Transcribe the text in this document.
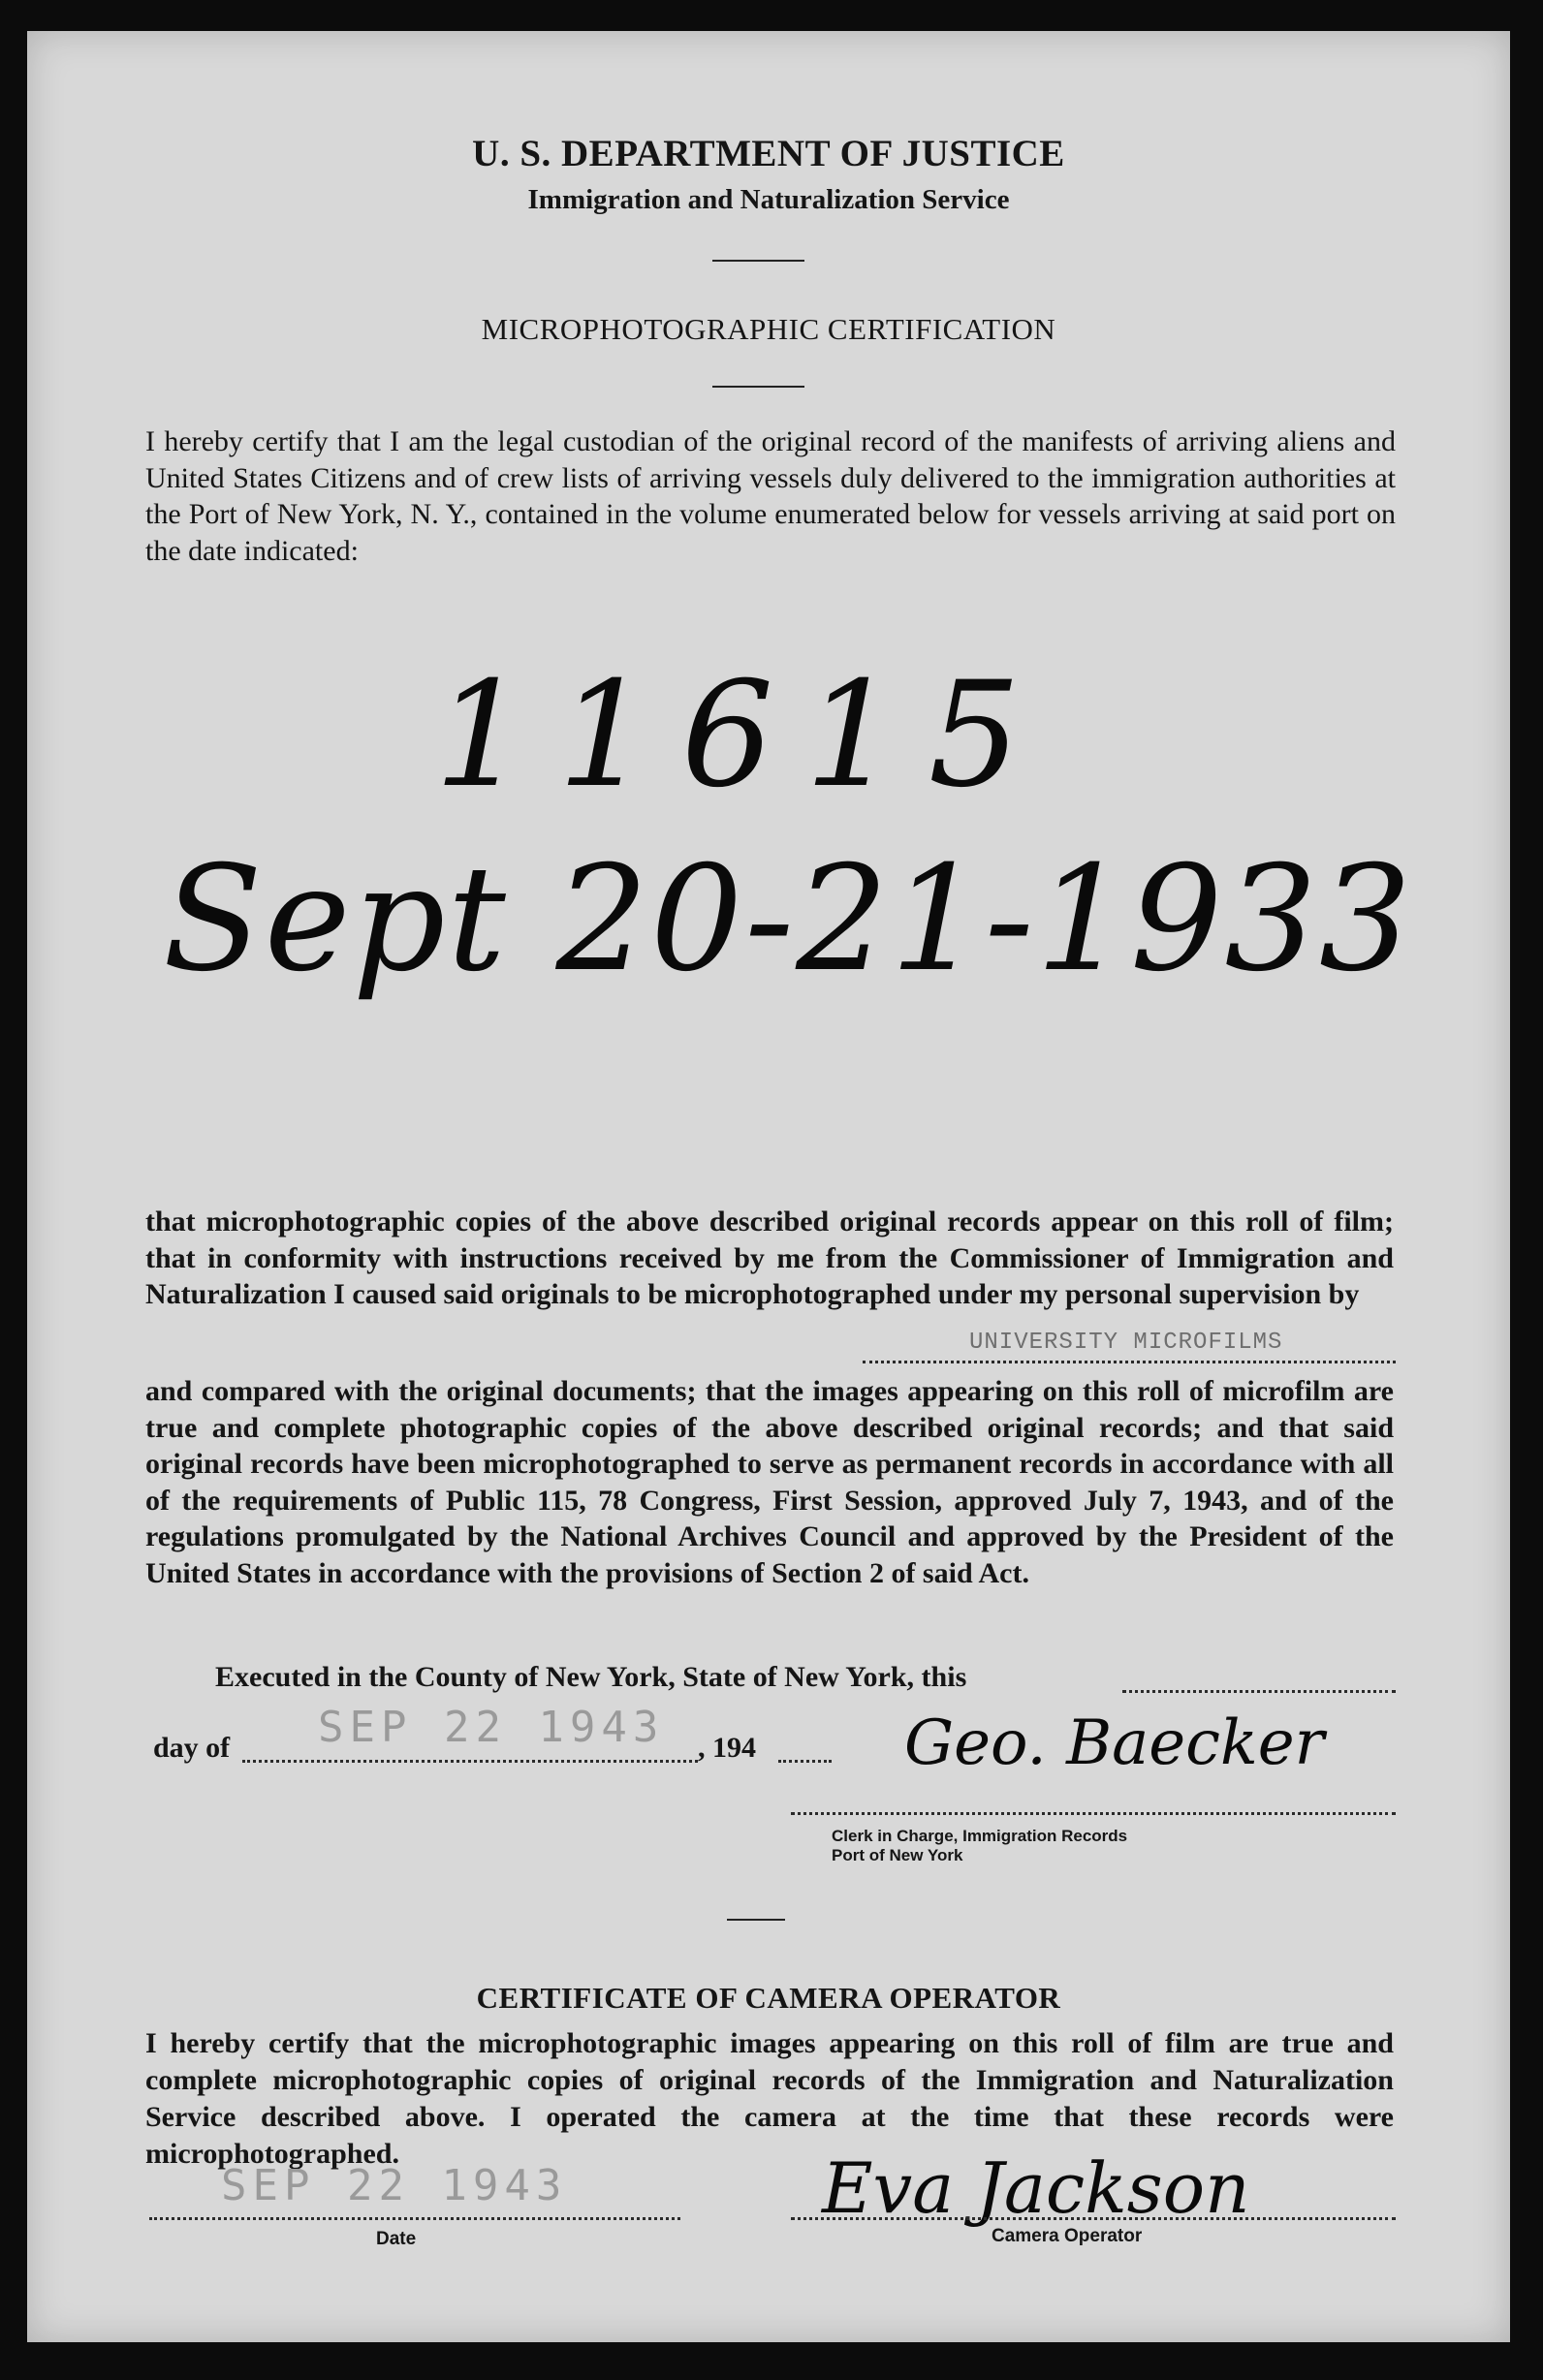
U. S. DEPARTMENT OF JUSTICE
Immigration and Naturalization Service
MICROPHOTOGRAPHIC CERTIFICATION

I hereby certify that I am the legal custodian of the original record of the manifests of arriving aliens and United States Citizens and of crew lists of arriving vessels duly delivered to the immigration authorities at the Port of New York, N. Y., contained in the volume enumerated below for vessels arriving at said port on the date indicated:

11615
Sept 20-21-1933

that microphotographic copies of the above described original records appear on this roll of film; that in conformity with instructions received by me from the Commissioner of Immigration and Naturalization I caused said originals to be microphotographed under my personal supervision by

UNIVERSITY MICROFILMS

and compared with the original documents; that the images appearing on this roll of microfilm are true and complete photographic copies of the above described original records; and that said original records have been microphotographed to serve as permanent records in accordance with all of the requirements of Public 115, 78 Congress, First Session, approved July 7, 1943, and of the regulations promulgated by the National Archives Council and approved by the President of the United States in accordance with the provisions of Section 2 of said Act.

Executed in the County of New York, State of New York, this
day of SEP 22 1943 , 194 Geo. Baecker
Clerk in Charge, Immigration Records
Port of New York
CERTIFICATE OF CAMERA OPERATOR

I hereby certify that the microphotographic images appearing on this roll of film are true and complete microphotographic copies of original records of the Immigration and Naturalization Service described above. I operated the camera at the time that these records were microphotographed.

SEP 22 1943
Date
Eva Jackson
Camera Operator
